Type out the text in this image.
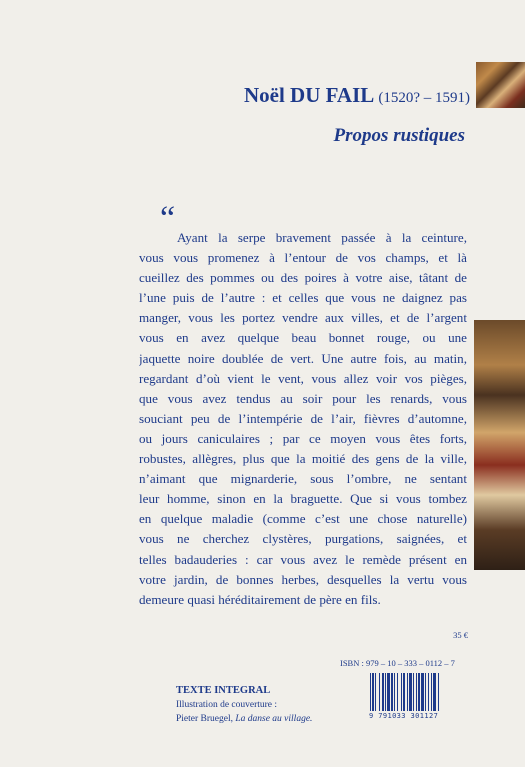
Noël DU FAIL (1520? – 1591)
Propos rustiques
“
Ayant la serpe bravement passée à la ceinture,
vous vous promenez à l’entour de vos champs, et là
cueillez des pommes ou des poires à votre aise, tâtant de
l’une puis de l’autre : et celles que vous ne daignez pas
manger, vous les portez vendre aux villes, et de l’argent
vous en avez quelque beau bonnet rouge, ou une
jaquette noire doublée de vert. Une autre fois, au matin,
regardant d’où vient le vent, vous allez voir vos pièges,
que vous avez tendus au soir pour les renards, vous
souciant peu de l’intempérie de l’air, fièvres d’automne,
ou jours caniculaires ; par ce moyen vous êtes forts,
robustes, allègres, plus que la moitié des gens de la ville,
n’aimant que mignarderie, sous l’ombre, ne sentant
leur homme, sinon en la braguette. Que si vous tombez
en quelque maladie (comme c’est une chose naturelle)
vous ne cherchez clystères, purgations, saignées, et
telles badauderies : car vous avez le remède présent en
votre jardin, de bonnes herbes, desquelles la vertu vous
demeure quasi héréditairement de père en fils.
35 €
ISBN : 979 – 10 – 333 – 0112 – 7
9 791033 301127
TEXTE INTEGRAL
Illustration de couverture :
Pieter Bruegel, La danse au village.
